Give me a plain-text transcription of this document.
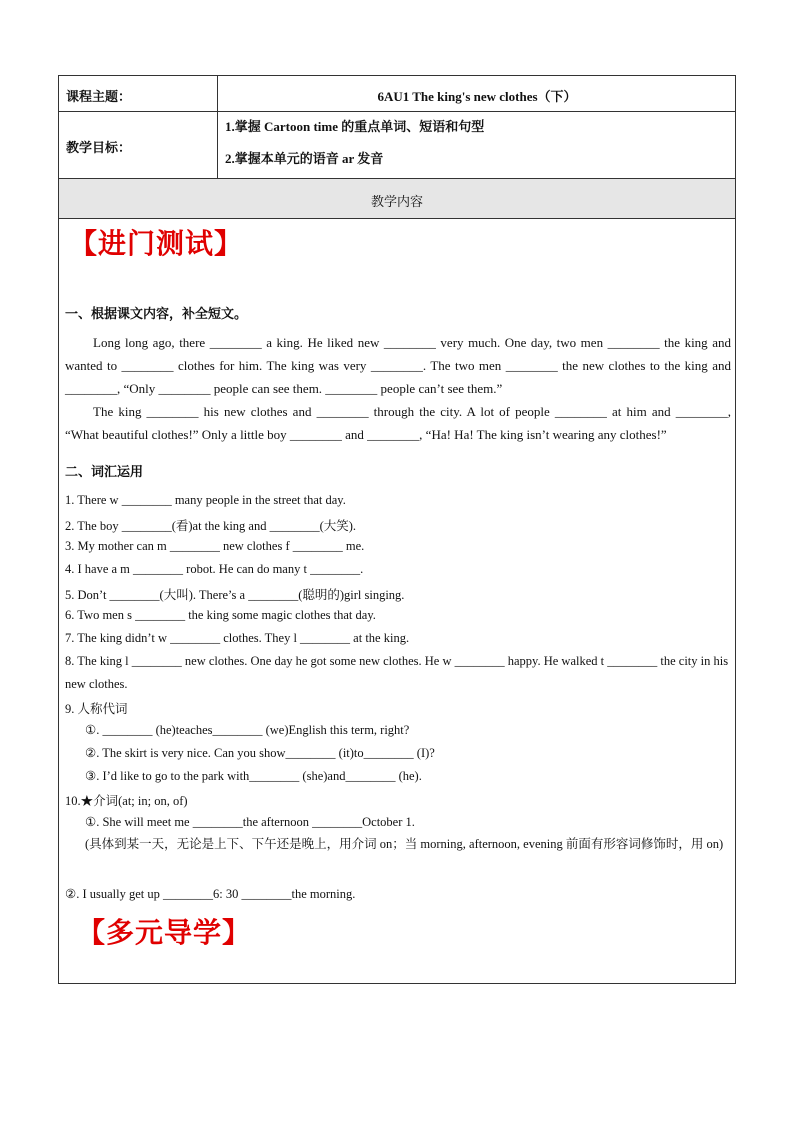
课程主题：	6AU1 The king's new clothes（下）
教学目标：
1.掌握 Cartoon time 的重点单词、短语和句型
2.掌握本单元的语音 ar 发音
教学内容
【进门测试】
一、根据课文内容，补全短文。
Long long ago, there ________ a king. He liked new ________ very much. One day, two men ________ the king and wanted to ________ clothes for him. The king was very ________. The two men ________ the new clothes to the king and ________, “Only ________ people can see them. ________ people can’t see them.”
The king ________ his new clothes and ________ through the city. A lot of people ________ at him and ________, “What beautiful clothes!” Only a little boy ________ and ________, “Ha! Ha! The king isn’t wearing any clothes!”
二、词汇运用
1. There w ________ many people in the street that day.
2. The boy ________(看)at the king and ________(大笑).
3. My mother can m ________ new clothes f ________ me.
4. I have a m ________ robot. He can do many t ________.
5. Don’t ________(大叫). There’s a ________(聪明的)girl singing.
6. Two men s ________ the king some magic clothes that day.
7. The king didn’t w ________ clothes. They l ________ at the king.
8. The king l ________ new clothes. One day he got some new clothes. He w ________ happy. He walked t ________ the city in his new clothes.
9. 人称代词
①. ________ (he)teaches________ (we)English this term, right?
②. The skirt is very nice. Can you show________ (it)to________ (I)?
③. I’d like to go to the park with________ (she)and________ (he).
10.★介词(at; in; on, of)
①. She will meet me ________the afternoon ________October 1.
(具体到某一天，无论是上下、下午还是晚上，用介词 on；当 morning, afternoon, evening 前面有形容词修饰时，用 on)
②. I usually get up ________6: 30 ________the morning.
【多元导学】
